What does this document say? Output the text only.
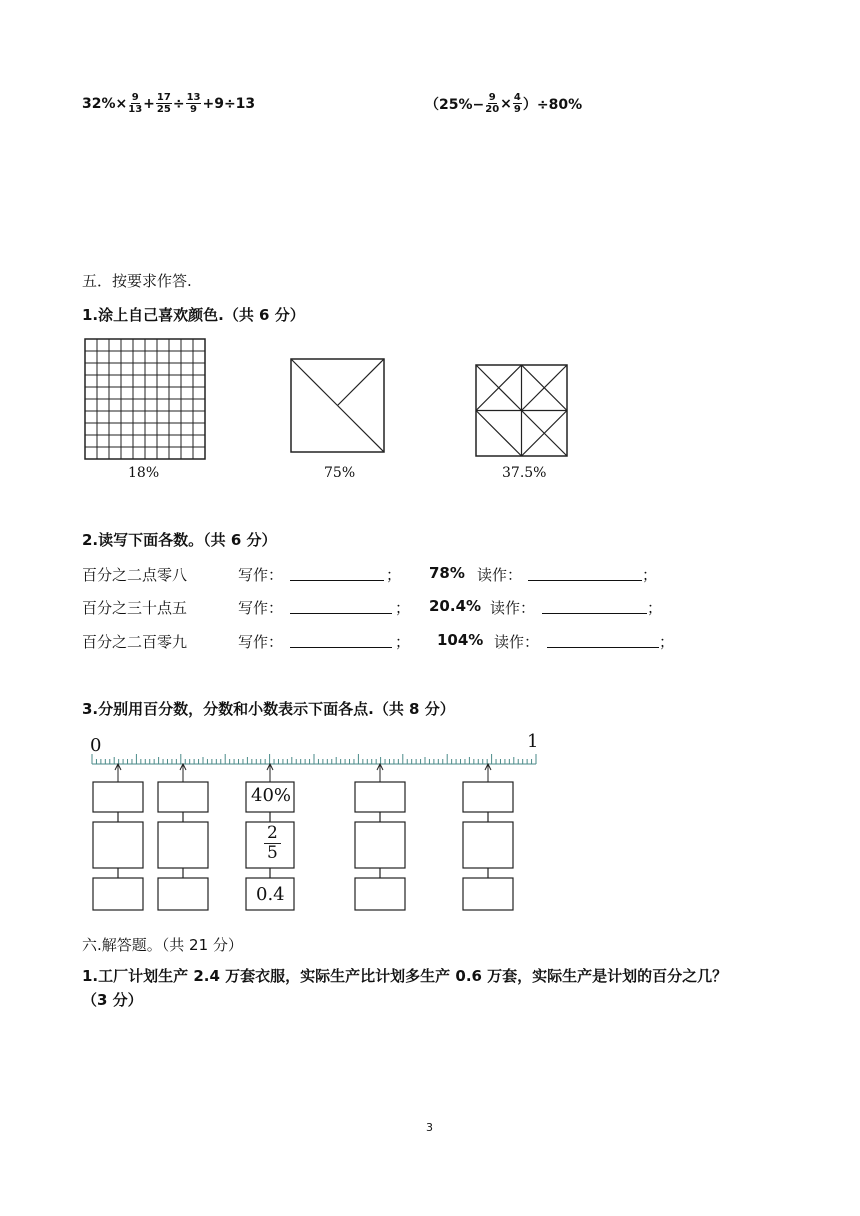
$32\%\times \frac{9}{13} + \frac{17}{25} \div \frac{13}{9} +9\div 13$	$(25\%- \frac{9}{20} \times \frac{4}{9} )\div 80\%$
五．按要求作答.
1.涂上自己喜欢颜色.（共 6 分）
18%	75%	37.5%
2.读写下面各数。（共 6 分）
百分之二点零八	写作：	； 78% 读作：	；
百分之三十点五	写作：	； 20.4% 读作：	；
百分之二百零九	写作：	； 104% 读作：	；
3.分别用百分数，分数和小数表示下面各点.（共 8 分）
0	1
40%
$\frac{2}{5}$
0.4
六.解答题。（共 21 分）
1.工厂计划生产 2.4 万套衣服，实际生产比计划多生产 0.6 万套，实际生产是计划的百分之几？
（3 分）
3
